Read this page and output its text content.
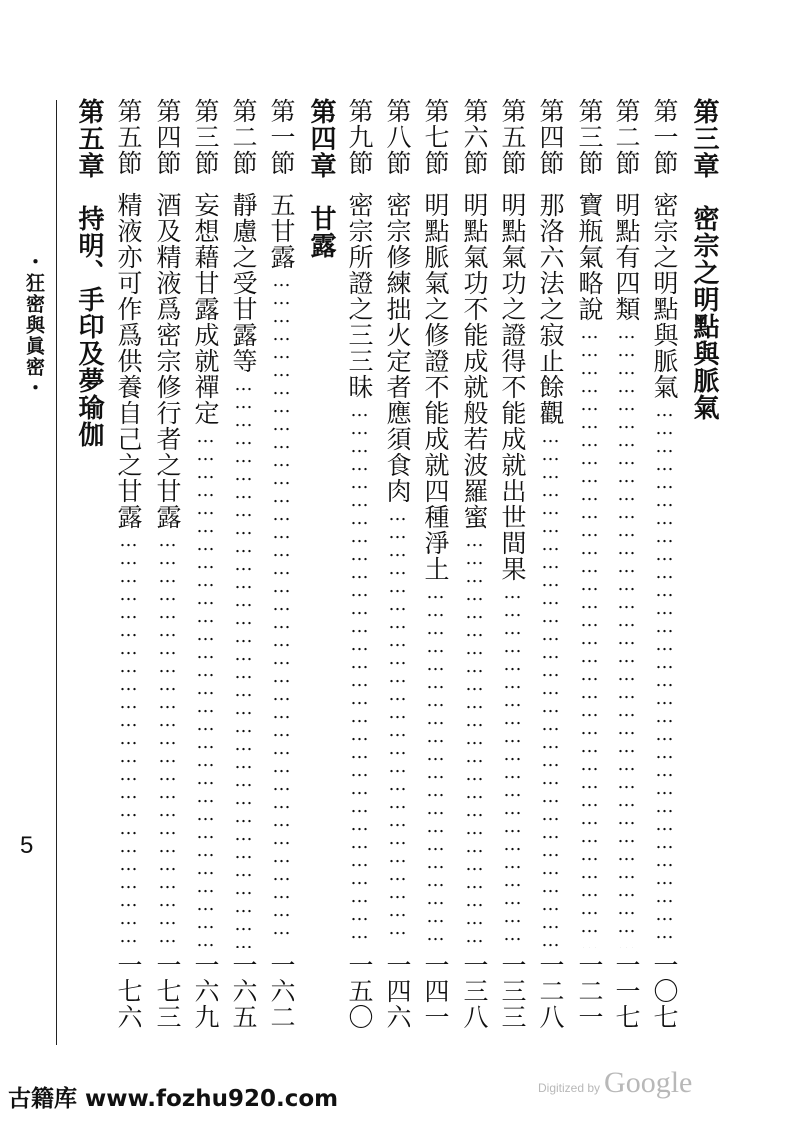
第三章
密宗之明點與脈氣
第一節
密宗之明點與脈氣
……………………………………………………………………………………………………………………………………
一〇七
第二節
明點有四類
……………………………………………………………………………………………………………………………………
一一七
第三節
寶瓶氣略說
……………………………………………………………………………………………………………………………………
一二一
第四節
那洛六法之寂止餘觀
……………………………………………………………………………………………………………………………………
一二八
第五節
明點氣功之證得不能成就出世間果
……………………………………………………………………………………………………………………………………
一三三
第六節
明點氣功不能成就般若波羅蜜
……………………………………………………………………………………………………………………………………
一三八
第七節
明點脈氣之修證不能成就四種淨土
……………………………………………………………………………………………………………………………………
一四一
第八節
密宗修練拙火定者應須食肉
……………………………………………………………………………………………………………………………………
一四六
第九節
密宗所證之三三昧
……………………………………………………………………………………………………………………………………
一五〇
第四章
甘露
第一節
五甘露
……………………………………………………………………………………………………………………………………
一六二
第二節
靜慮之受甘露等
……………………………………………………………………………………………………………………………………
一六五
第三節
妄想藉甘露成就禪定
……………………………………………………………………………………………………………………………………
一六九
第四節
酒及精液爲密宗修行者之甘露
……………………………………………………………………………………………………………………………………
一七三
第五節
精液亦可作爲供養自己之甘露
……………………………………………………………………………………………………………………………………
一七六
第五章
持明、手印及夢瑜伽
・狂密與眞密・
5
古籍库 www.fozhu920.com	Digitized by Google
